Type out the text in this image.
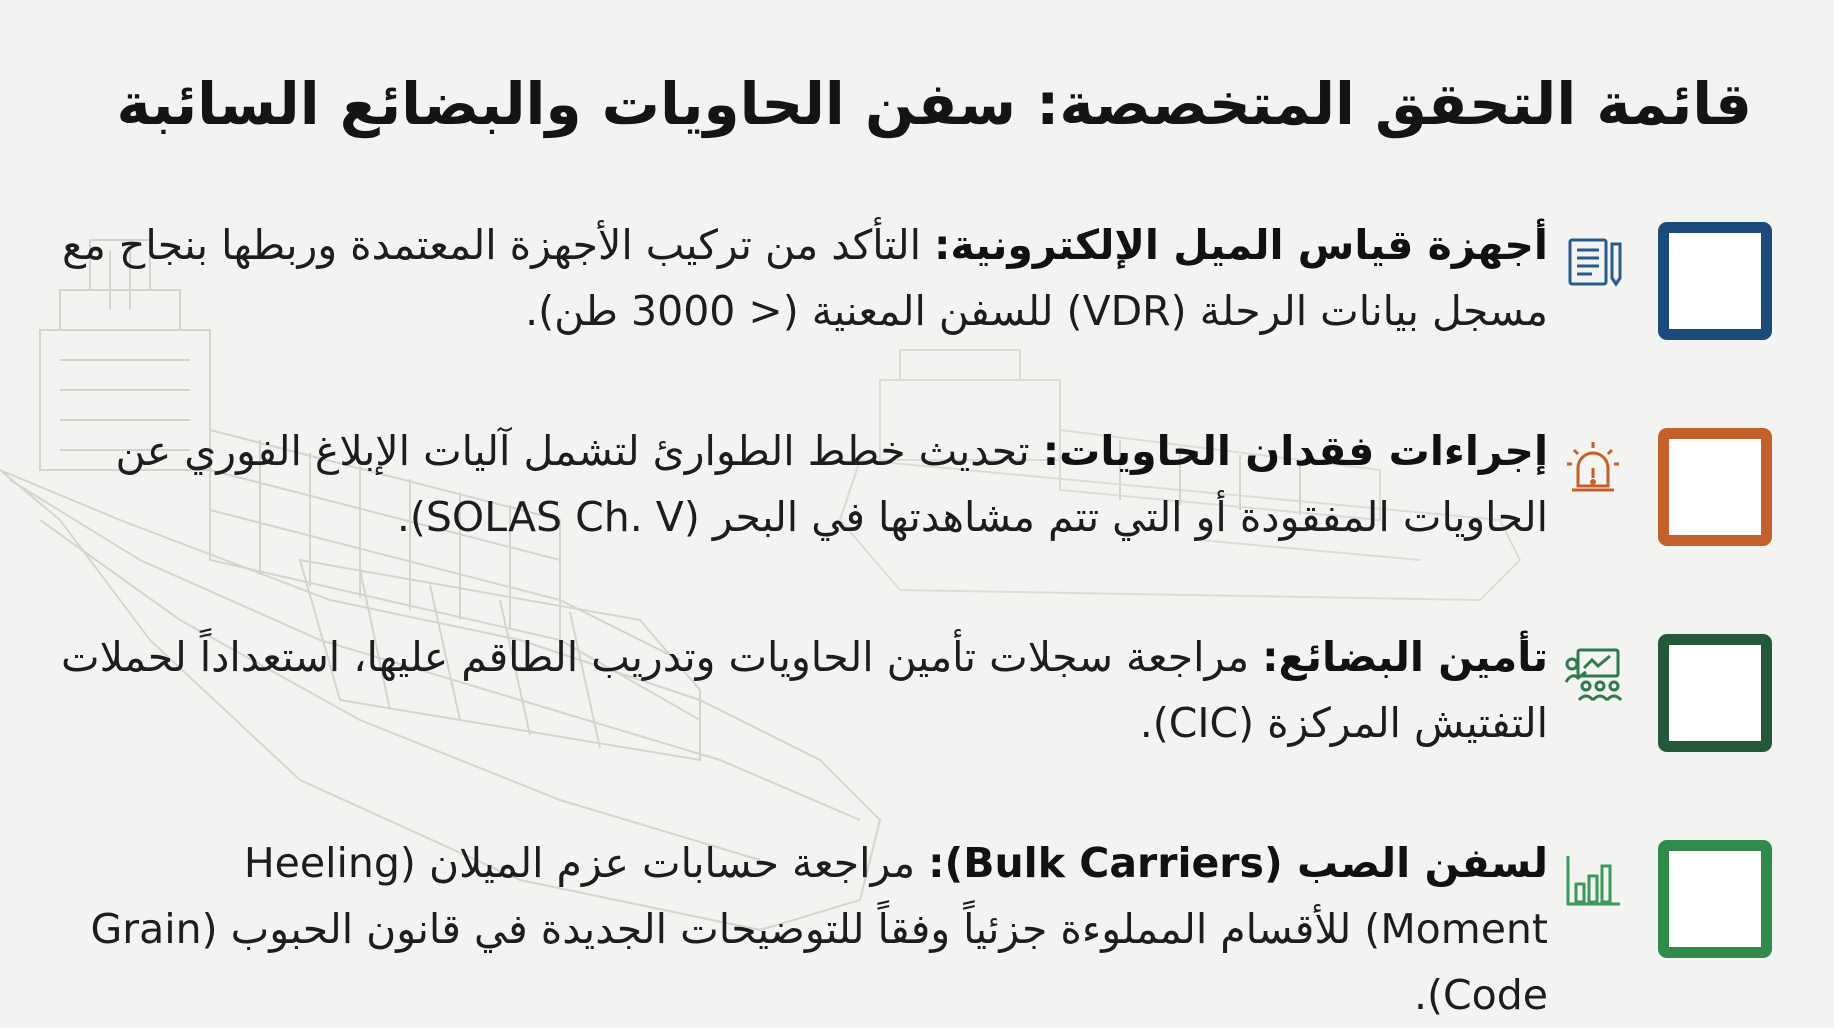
قائمة التحقق المتخصصة: سفن الحاويات والبضائع السائبة
أجهزة قياس الميل الإلكترونية: التأكد من تركيب الأجهزة المعتمدة وربطها بنجاح مع مسجل بيانات الرحلة (VDR) للسفن المعنية (< 3000 طن).
إجراءات فقدان الحاويات: تحديث خطط الطوارئ لتشمل آليات الإبلاغ الفوري عن الحاويات المفقودة أو التي تتم مشاهدتها في البحر (SOLAS Ch. V).
تأمين البضائع: مراجعة سجلات تأمين الحاويات وتدريب الطاقم عليها، استعداداً لحملات التفتيش المركزة (CIC).
لسفن الصب (Bulk Carriers): مراجعة حسابات عزم الميلان (Heeling Moment) للأقسام المملوءة جزئياً وفقاً للتوضيحات الجديدة في قانون الحبوب (Grain Code).
